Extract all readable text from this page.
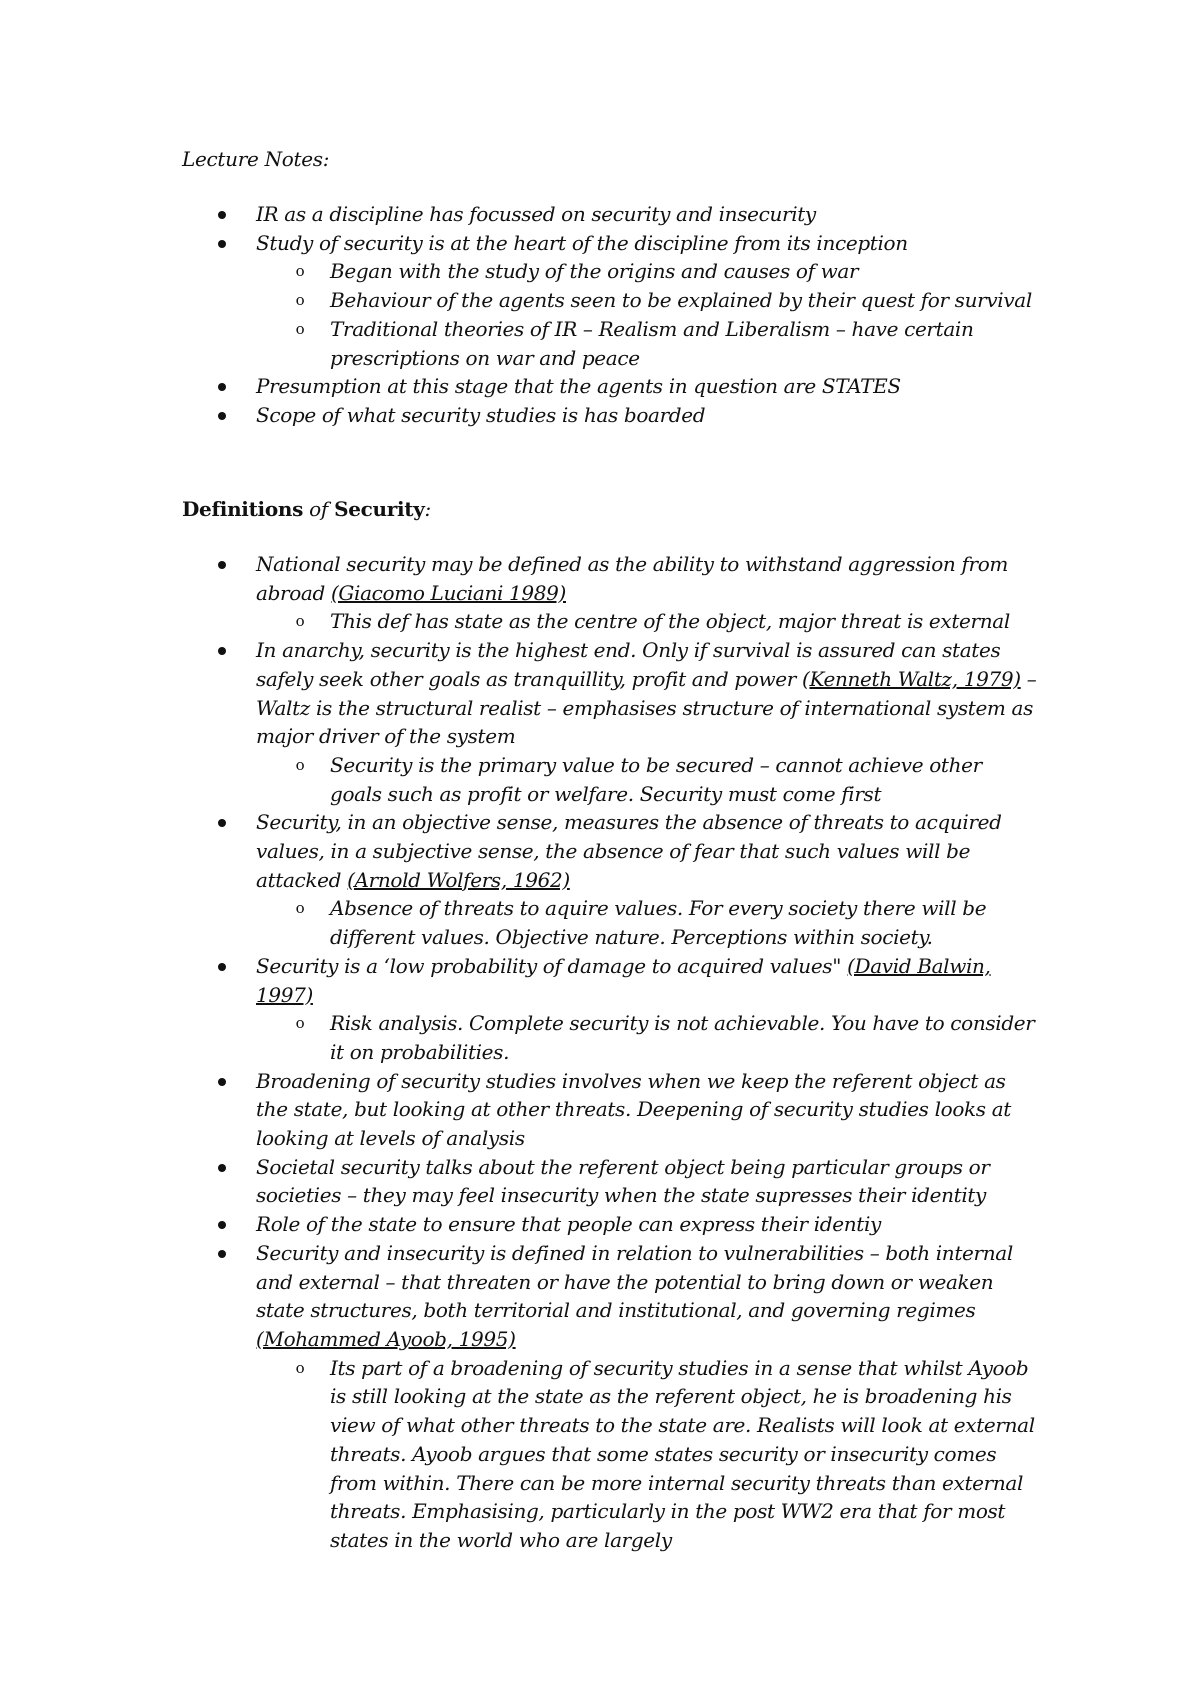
Lecture Notes:
IR as a discipline has focussed on security and insecurity
Study of security is at the heart of the discipline from its inception
o Began with the study of the origins and causes of war
o Behaviour of the agents seen to be explained by their quest for survival
o Traditional theories of IR – Realism and Liberalism – have certain prescriptions on war and peace
Presumption at this stage that the agents in question are STATES
Scope of what security studies is has boarded
Definitions of Security:
National security may be defined as the ability to withstand aggression from abroad (Giacomo Luciani 1989)
o This def has state as the centre of the object, major threat is external
In anarchy, security is the highest end. Only if survival is assured can states safely seek other goals as tranquillity, profit and power (Kenneth Waltz, 1979) – Waltz is the structural realist – emphasises structure of international system as major driver of the system
o Security is the primary value to be secured – cannot achieve other goals such as profit or welfare. Security must come first
Security, in an objective sense, measures the absence of threats to acquired values, in a subjective sense, the absence of fear that such values will be attacked (Arnold Wolfers, 1962)
o Absence of threats to aquire values. For every society there will be different values. Objective nature. Perceptions within society.
Security is a ‘low probability of damage to acquired values" (David Balwin, 1997)
o Risk analysis. Complete security is not achievable. You have to consider it on probabilities.
Broadening of security studies involves when we keep the referent object as the state, but looking at other threats. Deepening of security studies looks at looking at levels of analysis
Societal security talks about the referent object being particular groups or societies – they may feel insecurity when the state supresses their identity
Role of the state to ensure that people can express their identiy
Security and insecurity is defined in relation to vulnerabilities – both internal and external – that threaten or have the potential to bring down or weaken state structures, both territorial and institutional, and governing regimes (Mohammed Ayoob, 1995)
o Its part of a broadening of security studies in a sense that whilst Ayoob is still looking at the state as the referent object, he is broadening his view of what other threats to the state are. Realists will look at external threats. Ayoob argues that some states security or insecurity comes from within. There can be more internal security threats than external threats. Emphasising, particularly in the post WW2 era that for most states in the world who are largely
